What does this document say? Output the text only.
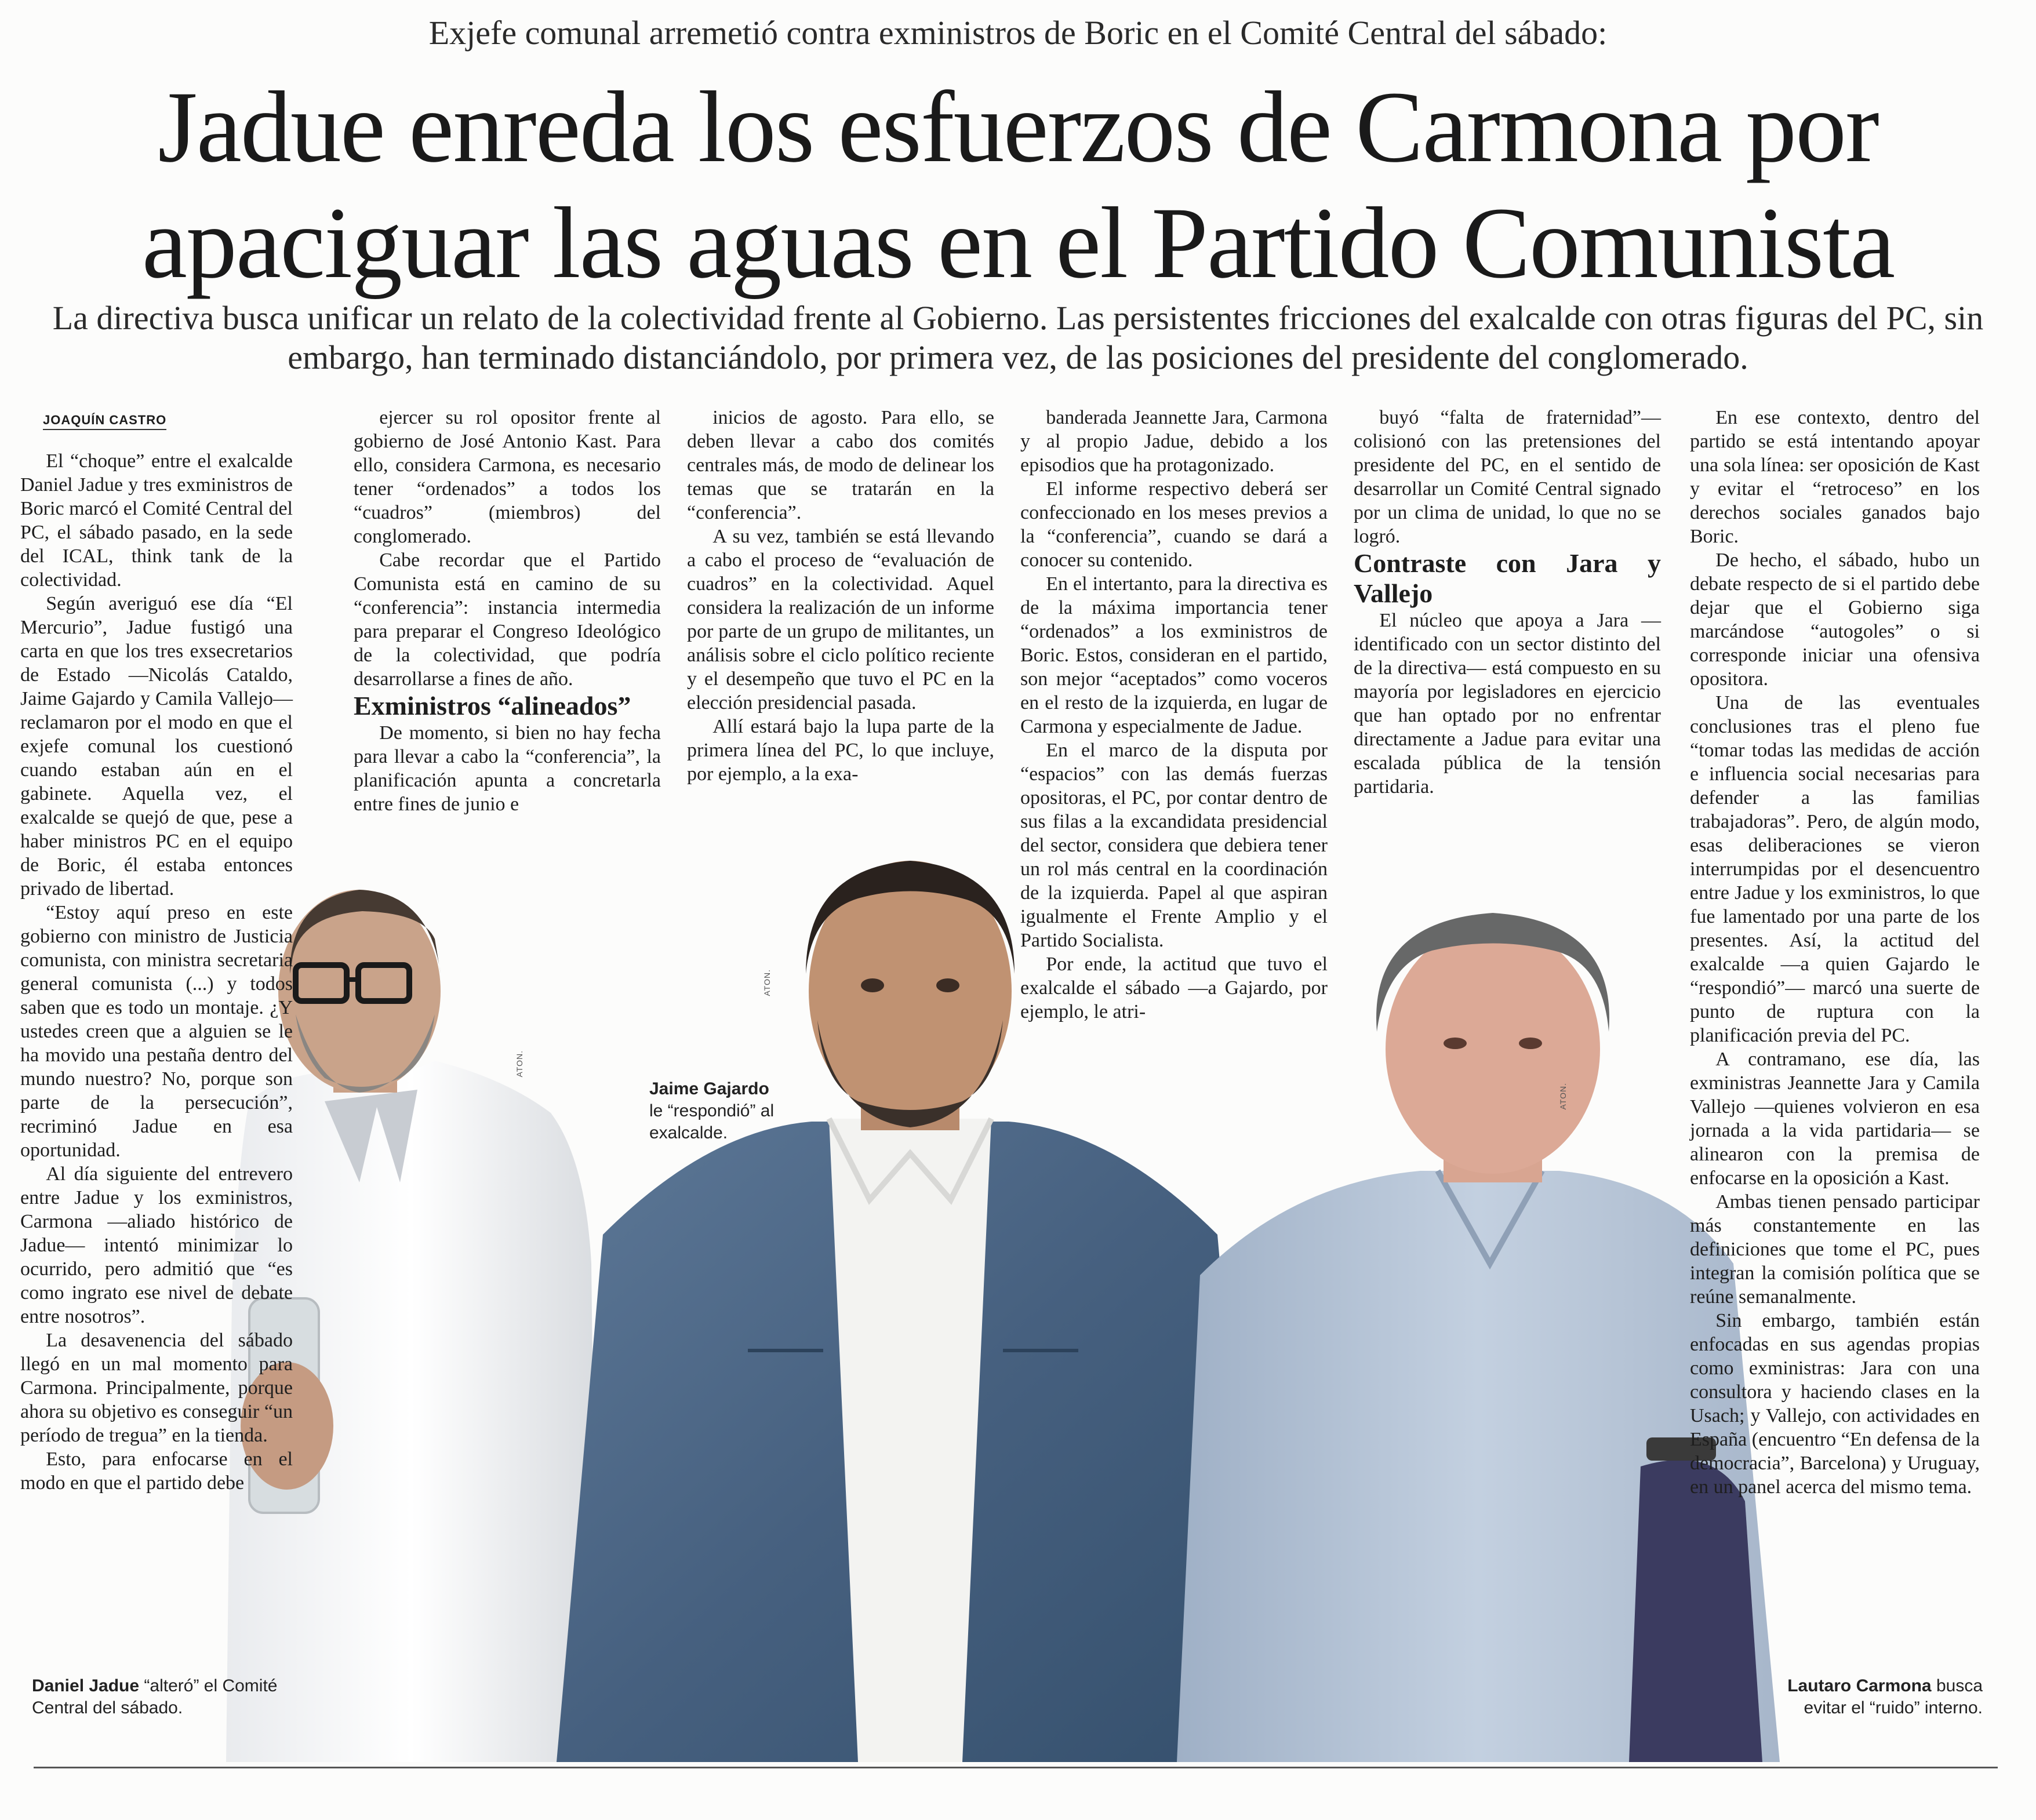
Exjefe comunal arremetió contra exministros de Boric en el Comité Central del sábado:
Jadue enreda los esfuerzos de Carmona por
apaciguar las aguas en el Partido Comunista
La directiva busca unificar un relato de la colectividad frente al Gobierno. Las persistentes fricciones del exalcalde con otras figuras del PC, sin embargo, han terminado distanciándolo, por primera vez, de las posiciones del presidente del conglomerado.
JOAQUÍN CASTRO
ATON.
ATON.
ATON.

El “choque” entre el exalcalde Daniel Jadue y tres exministros de Boric marcó el Comité Central del PC, el sábado pasado, en la sede del ICAL, think tank de la colectividad.

Según averiguó ese día “El Mercurio”, Jadue fustigó una carta en que los tres exsecretarios de Estado —Nicolás Cataldo, Jaime Gajardo y Camila Vallejo— reclamaron por el modo en que el exjefe comunal los cuestionó cuando estaban aún en el gabinete. Aquella vez, el exalcalde se quejó de que, pese a haber ministros PC en el equipo de Boric, él estaba entonces privado de libertad.

“Estoy aquí preso en este gobierno con ministro de Justicia comunista, con ministra secretaria general comunista (...) y todos saben que es todo un montaje. ¿Y ustedes creen que a alguien se le ha movido una pestaña dentro del mundo nuestro? No, porque son parte de la persecución”, recriminó Jadue en esa oportunidad.

Al día siguiente del entrevero entre Jadue y los exministros, Carmona —aliado histórico de Jadue— intentó minimizar lo ocurrido, pero admitió que “es como ingrato ese nivel de debate entre nosotros”.

La desavenencia del sábado llegó en un mal momento para Carmona. Principalmente, porque ahora su objetivo es conseguir “un período de tregua” en la tienda.

Esto, para enfocarse en el modo en que el partido debe

ejercer su rol opositor frente al gobierno de José Antonio Kast. Para ello, considera Carmona, es necesario tener “ordenados” a todos los “cuadros” (miembros) del conglomerado.

Cabe recordar que el Partido Comunista está en camino de su “conferencia”: instancia intermedia para preparar el Congreso Ideológico de la colectividad, que podría desarrollarse a fines de año.

Exministros “alineados”

De momento, si bien no hay fecha para llevar a cabo la “conferencia”, la planificación apunta a concretarla entre fines de junio e

inicios de agosto. Para ello, se deben llevar a cabo dos comités centrales más, de modo de delinear los temas que se tratarán en la “conferencia”.

A su vez, también se está llevando a cabo el proceso de “evaluación de cuadros” en la colectividad. Aquel considera la realización de un informe por parte de un grupo de militantes, un análisis sobre el ciclo político reciente y el desempeño que tuvo el PC en la elección presidencial pasada.

Allí estará bajo la lupa parte de la primera línea del PC, lo que incluye, por ejemplo, a la exa-

banderada Jeannette Jara, Carmona y al propio Jadue, debido a los episodios que ha protagonizado.

El informe respectivo deberá ser confeccionado en los meses previos a la “conferencia”, cuando se dará a conocer su contenido.

En el intertanto, para la directiva es de la máxima importancia tener “ordenados” a los exministros de Boric. Estos, consideran en el partido, son mejor “aceptados” como voceros en el resto de la izquierda, en lugar de Carmona y especialmente de Jadue.

En el marco de la disputa por “espacios” con las demás fuerzas opositoras, el PC, por contar dentro de sus filas a la excandidata presidencial del sector, considera que debiera tener un rol más central en la coordinación de la izquierda. Papel al que aspiran igualmente el Frente Amplio y el Partido Socialista.

Por ende, la actitud que tuvo el exalcalde el sábado —a Gajardo, por ejemplo, le atri-

buyó “falta de fraternidad”— colisionó con las pretensiones del presidente del PC, en el sentido de desarrollar un Comité Central signado por un clima de unidad, lo que no se logró.

Contraste con Jara y Vallejo

El núcleo que apoya a Jara —identificado con un sector distinto del de la directiva— está compuesto en su mayoría por legisladores en ejercicio que han optado por no enfrentar directamente a Jadue para evitar una escalada pública de la tensión partidaria.

En ese contexto, dentro del partido se está intentando apoyar una sola línea: ser oposición de Kast y evitar el “retroceso” en los derechos sociales ganados bajo Boric.

De hecho, el sábado, hubo un debate respecto de si el partido debe dejar que el Gobierno siga marcándose “autogoles” o si corresponde iniciar una ofensiva opositora.

Una de las eventuales conclusiones tras el pleno fue “tomar todas las medidas de acción e influencia social necesarias para defender a las familias trabajadoras”. Pero, de algún modo, esas deliberaciones se vieron interrumpidas por el desencuentro entre Jadue y los exministros, lo que fue lamentado por una parte de los presentes. Así, la actitud del exalcalde —a quien Gajardo le “respondió”— marcó una suerte de punto de ruptura con la planificación previa del PC.

A contramano, ese día, las exministras Jeannette Jara y Camila Vallejo —quienes volvieron en esa jornada a la vida partidaria— se alinearon con la premisa de enfocarse en la oposición a Kast.

Ambas tienen pensado participar más constantemente en las definiciones que tome el PC, pues integran la comisión política que se reúne semanalmente.

Sin embargo, también están enfocadas en sus agendas propias como exministras: Jara con una consultora y haciendo clases en la Usach; y Vallejo, con actividades en España (encuentro “En defensa de la democracia”, Barcelona) y Uruguay, en un panel acerca del mismo tema.

Daniel Jadue “alteró” el Comité Central del sábado.
Jaime Gajardo
le “respondió” al exalcalde.
Lautaro Carmona busca evitar el “ruido” interno.
